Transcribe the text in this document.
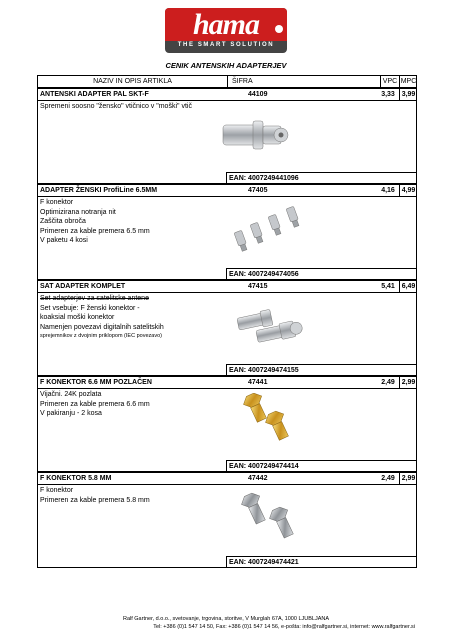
hama
THE SMART SOLUTION
CENIK ANTENSKIH ADAPTERJEV
NAZIV IN OPIS ARTIKLA	ŠIFRA	VPC MPC
ANTENSKI ADAPTER PAL SKT-F	44109	3,33 3,99
Spremeni soosno "žensko" vtičnico v "moški" vtič
EAN: 4007249441096
ADAPTER ŽENSKI ProfiLine 6.5MM	47405	4,16 4,99
F konektor
Optimizirana notranja nit
Zaščita obroča
Primeren za kable premera 6.5 mm
V paketu 4 kosi
EAN: 4007249474056
SAT ADAPTER KOMPLET	47415	5,41 6,49
Set adapterjev za satelitske antene
Set vsebuje: F ženski konektor -
koaksial moški konektor
Namenjen povezavi digitalnih satelitskih
sprejemnikov z dvojnim priklopom (IEC povezavo)
EAN: 4007249474155
F KONEKTOR 6.6 MM POZLAČEN	47441	2,49 2,99
Vijačni. 24K pozlata
Primeren za kable premera 6.6 mm
V pakiranju - 2 kosa
EAN: 4007249474414
F KONEKTOR 5.8 MM	47442	2,49 2,99
F konektor
Primeren za kable premera 5.8 mm
EAN: 4007249474421
Ralf Gartner, d.o.o., svetovanje, trgovina, storitve, V Murglah 67A, 1000 LJUBLJANA
Tel: +386 (0)1 547 14 50, Fax: +386 (0)1 547 14 56, e-pošta: info@ralfgartner.si, internet: www.ralfgartner.si
